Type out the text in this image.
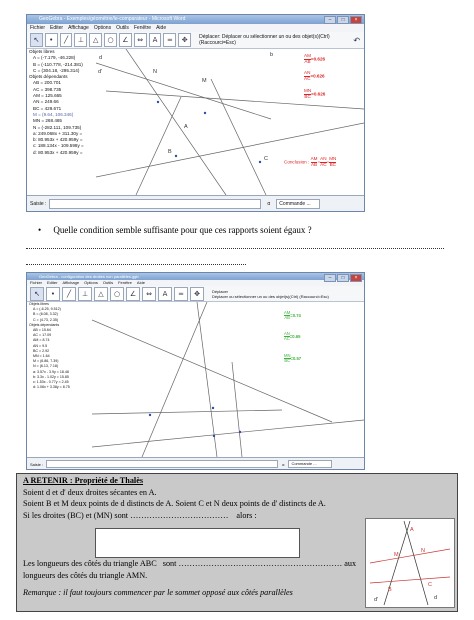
GeoGebra - Exemples/géométrie/le-comparateur - Microsoft Word	–	□	×
Fichier Editer Affichage Options Outils Fenêtre Aide
↖	•	╱	⊥	△	○	∠	⇔	A	═	✥	Déplacer: Déplacer ou sélectionner un ou des objet(s)(Ctrl) (Raccourci=Esc)	↶
Objets libres
A = (-7.179, -46.228)
B = (-110.778, -214.381)
C = (304.18, -295.314)
Objets dépendants
AB = 200.701
AC = 398.735
AM = 125.665
AN = 249.66
BC = 429.671
M = (9.64, 106.346)
MN = 268.465
N = (-282.111, 109.735)
a: 249.068x + 311.30y =
b: 80.953x + 420.959y =
c: 188.134x - 109.598y =
d: 80.953x + 420.959y =
d
N
M
A
B
C
d'
b	$\frac{AM}{AB} =0.626$
$\frac{AN}{AC} =0.626$
$\frac{MN}{BC} =0.626$
Conclusion : $\frac{AM}{AB} = \frac{AN}{AC} = \frac{MN}{BC}$
Saisie :	α	Commande ...
• Quelle condition semble suffisante pour que ces rapports soient égaux ?
GeoGebra - configuration des droites non parallèles.ggb	–	□	×
Fichier Editer Affichage Options Outils Fenêtre Aide
↖	•	╱	⊥	△	○	∠	⇔	A	═	✥	Déplacer
Déplacer ou sélectionner un ou des objet(s)(Ctrl) (Raccourci=Esc)
Objets libres
A = (-6.25, 9.512)
B = (6.08, 3.32)
C = (4.73, 2.35)
Objets dépendants
AB = 15.64
AC = 17.09
AM = 8.74
AN = 9.5
BC = 2.92
MN = 1.64
M = (6.86, 7.39)
N = (6.13, 7.18)
a: 3.57x - 3.9y = 18.48
b: 3.3x - 1.02y = 15.85
c: 1.53x - 0.77y = 2.45
d: 1.06x + 3.38y = 8.75
$\frac{AM}{AB} =0.74$
$\frac{AN}{AC} =0.65$
$\frac{MN}{BC} =0.57$
Saisie :	α	Commande ...
A RETENIR : Propriété de Thalès
Soient d et d' deux droites sécantes en A.
Soient B et M deux points de d distincts de A. Soient C et N deux points de d' distincts de A.
Si les droites (BC) et (MN) sont ……………………………… alors :
Les longueurs des côtés du triangle ABC sont …………………………………………………… aux
longueurs des côtés du triangle AMN.
Remarque : il faut toujours commencer par le sommet opposé aux côtés parallèles
A
M
N
B
C
d
d'
